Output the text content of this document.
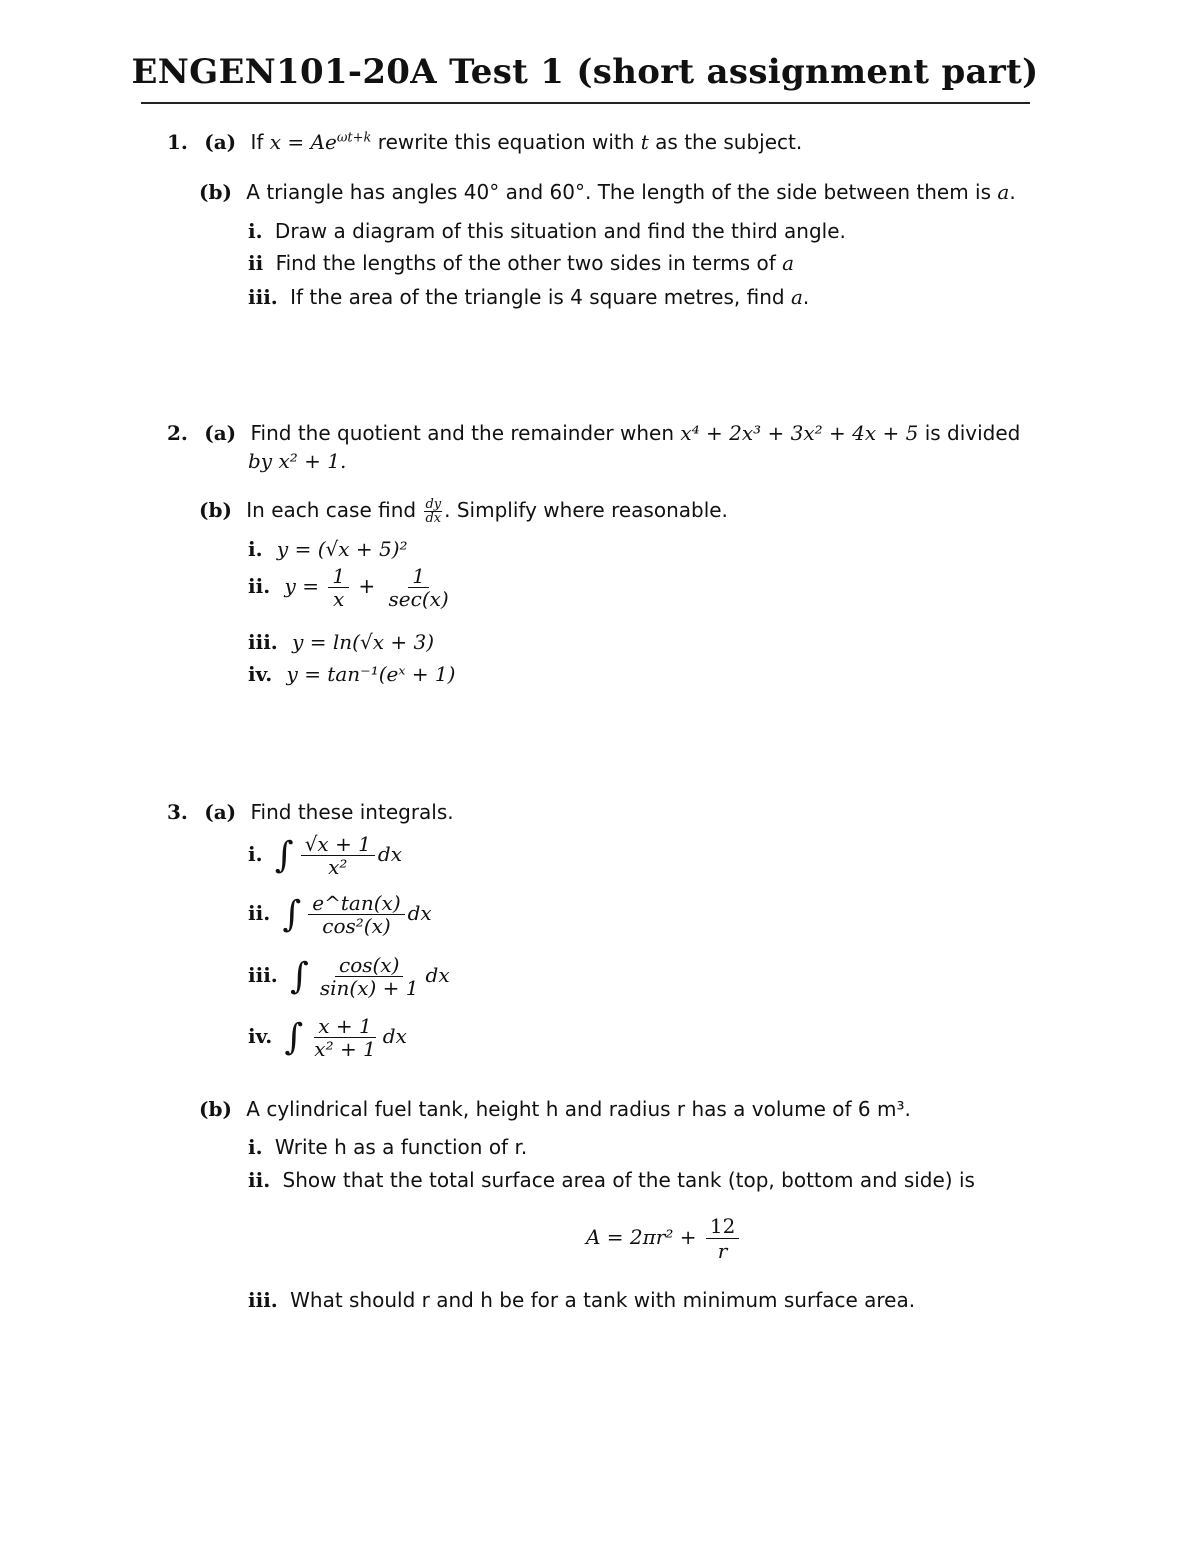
ENGEN101-20A Test 1 (short assignment part)
1. (a) If $x = Ae^{\omega t+k}$ rewrite this equation with t as the subject.
(b) A triangle has angles 40° and 60°. The length of the side between them is a.
i. Draw a diagram of this situation and find the third angle.
ii Find the lengths of the other two sides in terms of a
iii. If the area of the triangle is 4 square metres, find a.
2. (a) Find the quotient and the remainder when x⁴ + 2x³ + 3x² + 4x + 5 is divided
by x² + 1.
(b) In each case find $\frac{dy}{dx}$ . Simplify where reasonable.
i. y = (√x + 5)²
ii. $y = \frac{1}{x} + \frac{1}{\sec(x)}$
iii. y = ln(√x + 3)
iv. y = tan⁻¹(eˣ + 1)
3. (a) Find these integrals.
i. ∫ $\frac{√x + 1}{\text{x²}}$ dx
ii. ∫ $\frac{e\^{}\tan(x)}{\text{cos²(x)}}$ dx
iii. ∫ $\frac{\cos(x)}{\sin(x) + 1}$ dx
iv. ∫ $\frac{x + 1}{\text{x² + 1}}$ dx
(b) A cylindrical fuel tank, height h and radius r has a volume of 6 m³.
i. Write h as a function of r.
ii. Show that the total surface area of the tank (top, bottom and side) is
$A = 2\pi r^2 + \frac{12}{r}$
iii. What should r and h be for a tank with minimum surface area.
